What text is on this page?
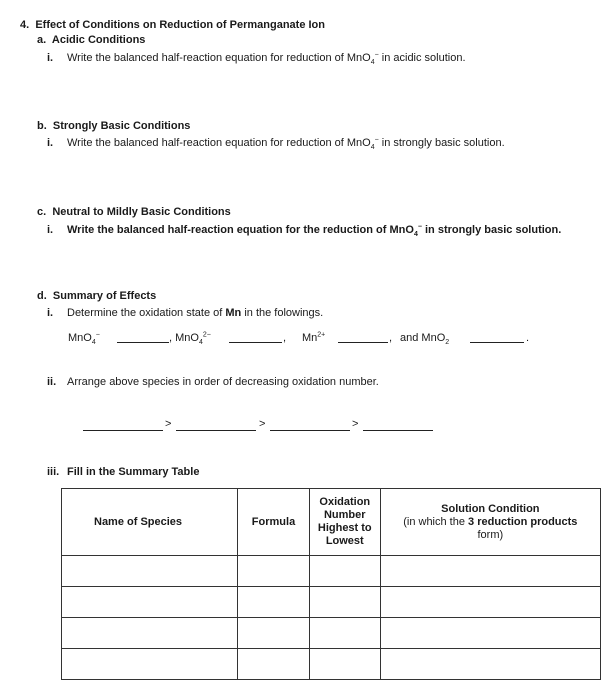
4. Effect of Conditions on Reduction of Permanganate Ion
a. Acidic Conditions
i. Write the balanced half-reaction equation for reduction of MnO$_4$− in acidic solution.
b. Strongly Basic Conditions
i. Write the balanced half-reaction equation for reduction of MnO$_4$− in strongly basic solution.
c. Neutral to Mildly Basic Conditions
i. Write the balanced half-reaction equation for the reduction of MnO$_4$− in strongly basic solution.
d. Summary of Effects
i. Determine the oxidation state of Mn in the folowings.
MnO$_4$−	, MnO$_4^{2-}$	, $Mn^{2+}$	, and MnO$_2$	.
ii. Arrange above species in order of decreasing oxidation number.
>	>	>
iii. Fill in the Summary Table
Name of Species	Formula	Oxidation
Number
Highest to
Lowest	Solution Condition
(in which the 3 reduction products
form)
